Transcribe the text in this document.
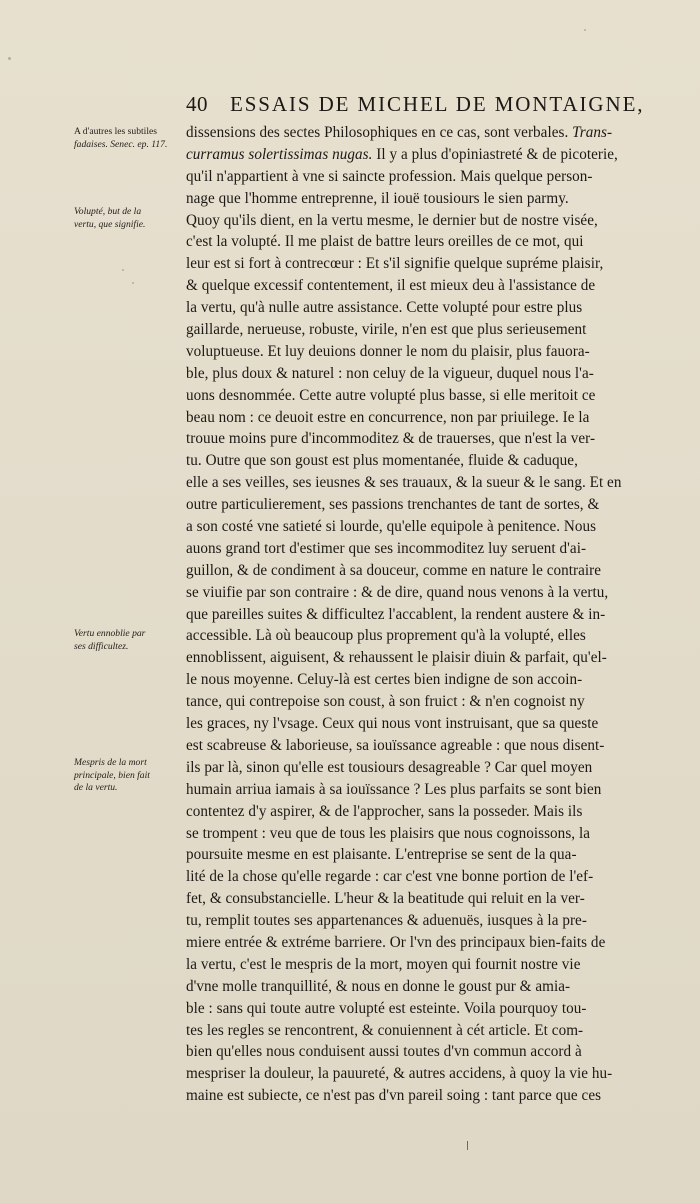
40 ESSAIS DE MICHEL DE MONTAIGNE,
A d'autres les subtiles
fadaises. Senec. ep. 117.
Volupté, but de la
vertu, que signifie.
Vertu ennoblie par
ses difficultez.
Mespris de la mort
principale, bien fait
de la vertu.
dissensions des sectes Philosophiques en ce cas, sont verbales. Trans-
curramus solertissimas nugas. Il y a plus d'opiniastreté & de picoterie,
qu'il n'appartient à vne si saincte profession. Mais quelque person-
nage que l'homme entreprenne, il iouë tousiours le sien parmy.
Quoy qu'ils dient, en la vertu mesme, le dernier but de nostre visée,
c'est la volupté. Il me plaist de battre leurs oreilles de ce mot, qui
leur est si fort à contrecœur : Et s'il signifie quelque supréme plaisir,
& quelque excessif contentement, il est mieux deu à l'assistance de
la vertu, qu'à nulle autre assistance. Cette volupté pour estre plus
gaillarde, nerueuse, robuste, virile, n'en est que plus serieusement
voluptueuse. Et luy deuions donner le nom du plaisir, plus fauora-
ble, plus doux & naturel : non celuy de la vigueur, duquel nous l'a-
uons desnommée. Cette autre volupté plus basse, si elle meritoit ce
beau nom : ce deuoit estre en concurrence, non par priuilege. Ie la
trouue moins pure d'incommoditez & de trauerses, que n'est la ver-
tu. Outre que son goust est plus momentanée, fluide & caduque,
elle a ses veilles, ses ieusnes & ses trauaux, & la sueur & le sang. Et en
outre particulierement, ses passions trenchantes de tant de sortes, &
a son costé vne satieté si lourde, qu'elle equipole à penitence. Nous
auons grand tort d'estimer que ses incommoditez luy seruent d'ai-
guillon, & de condiment à sa douceur, comme en nature le contraire
se viuifie par son contraire : & de dire, quand nous venons à la vertu,
que pareilles suites & difficultez l'accablent, la rendent austere & in-
accessible. Là où beaucoup plus proprement qu'à la volupté, elles
ennoblissent, aiguisent, & rehaussent le plaisir diuin & parfait, qu'el-
le nous moyenne. Celuy-là est certes bien indigne de son accoin-
tance, qui contrepoise son coust, à son fruict : & n'en cognoist ny
les graces, ny l'vsage. Ceux qui nous vont instruisant, que sa queste
est scabreuse & laborieuse, sa iouïssance agreable : que nous disent-
ils par là, sinon qu'elle est tousiours desagreable ? Car quel moyen
humain arriua iamais à sa iouïssance ? Les plus parfaits se sont bien
contentez d'y aspirer, & de l'approcher, sans la posseder. Mais ils
se trompent : veu que de tous les plaisirs que nous cognoissons, la
poursuite mesme en est plaisante. L'entreprise se sent de la qua-
lité de la chose qu'elle regarde : car c'est vne bonne portion de l'ef-
fet, & consubstancielle. L'heur & la beatitude qui reluit en la ver-
tu, remplit toutes ses appartenances & aduenuës, iusques à la pre-
miere entrée & extréme barriere. Or l'vn des principaux bien-faits de
la vertu, c'est le mespris de la mort, moyen qui fournit nostre vie
d'vne molle tranquillité, & nous en donne le goust pur & amia-
ble : sans qui toute autre volupté est esteinte. Voila pourquoy tou-
tes les regles se rencontrent, & conuiennent à cét article. Et com-
bien qu'elles nous conduisent aussi toutes d'vn commun accord à
mespriser la douleur, la pauureté, & autres accidens, à quoy la vie hu-
maine est subiecte, ce n'est pas d'vn pareil soing : tant parce que ces
